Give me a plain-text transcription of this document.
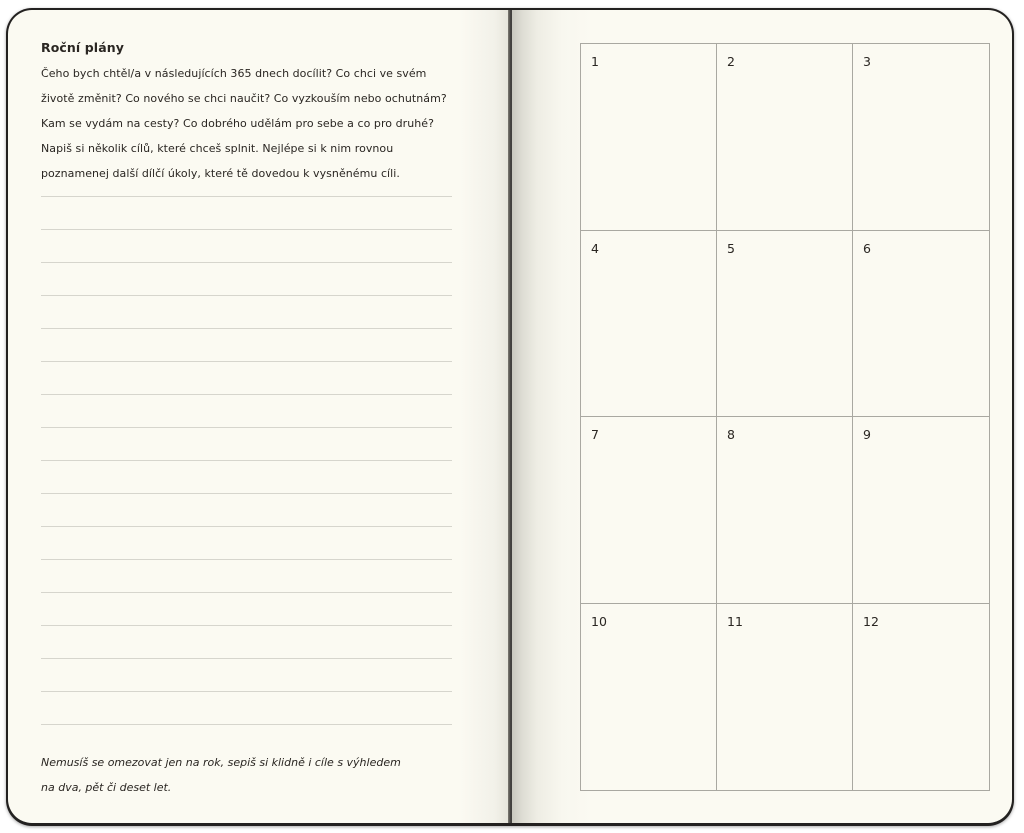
Roční plány
Čeho bych chtěl/a v následujících 365 dnech docílit? Co chci ve svém
životě změnit? Co nového se chci naučit? Co vyzkouším nebo ochutnám?
Kam se vydám na cesty? Co dobrého udělám pro sebe a co pro druhé?
Napiš si několik cílů, které chceš splnit. Nejlépe si k nim rovnou
poznamenej další dílčí úkoly, které tě dovedou k vysněnému cíli.
Nemusíš se omezovat jen na rok, sepiš si klidně i cíle s výhledem
na dva, pět či deset let.
1	2	3
4	5	6
7	8	9
10	11	12
